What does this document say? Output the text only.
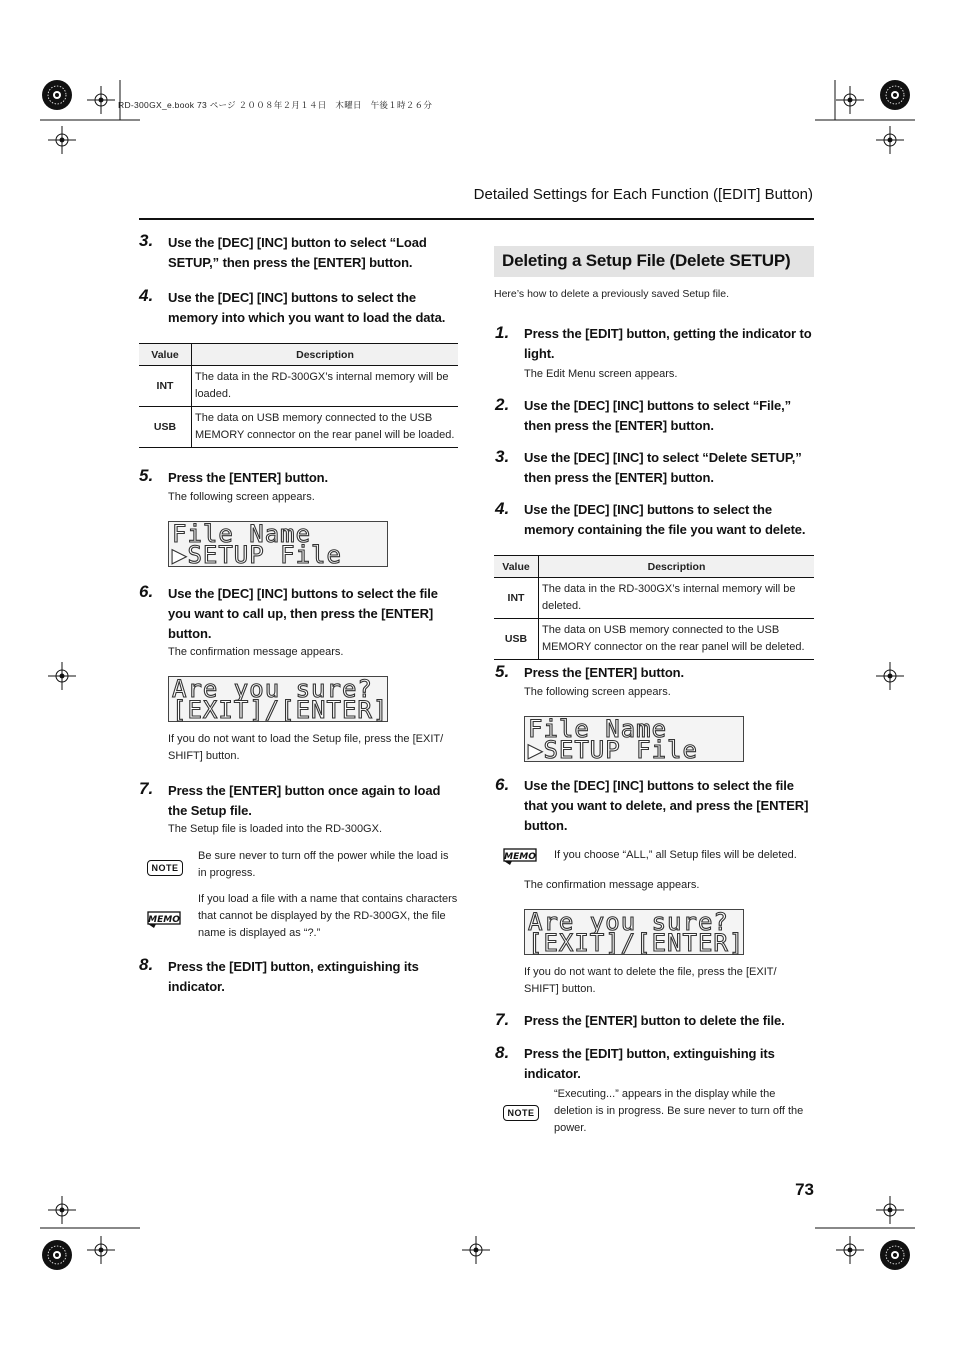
RD-300GX_e.book 73 ページ ２００８年２月１４日　木曜日　午後１時２６分
Detailed Settings for Each Function ([EDIT] Button)
3.	Use the [DEC] [INC] button to select “Load SETUP,” then press the [ENTER] button.
4.	Use the [DEC] [INC] buttons to select the memory into which you want to load the data.
Value	Description
INT	The data in the RD-300GX’s internal memory will be loaded.
USB	The data on USB memory connected to the USB MEMORY connector on the rear panel will be loaded.
5.	Press the [ENTER] button.
The following screen appears.
File Name
▶SETUP File
6.	Use the [DEC] [INC] buttons to select the file you want to call up, then press the [ENTER] button.
The confirmation message appears.
Are you sure?
[EXIT]/[ENTER]
If you do not want to load the Setup file, press the [EXIT/ SHIFT] button.
7.	Press the [ENTER] button once again to load the Setup file.
The Setup file is loaded into the RD-300GX.
NOTE
Be sure never to turn off the power while the load is in progress.
MEMO
If you load a file with a name that contains characters that cannot be displayed by the RD-300GX, the file name is displayed as “?.”
8.	Press the [EDIT] button, extinguishing its indicator.
Deleting a Setup File (Delete SETUP)
Here’s how to delete a previously saved Setup file.
1.	Press the [EDIT] button, getting the indicator to light.
The Edit Menu screen appears.
2.	Use the [DEC] [INC] buttons to select “File,” then press the [ENTER] button.
3.	Use the [DEC] [INC] to select “Delete SETUP,” then press the [ENTER] button.
4.	Use the [DEC] [INC] buttons to select the memory containing the file you want to delete.
Value	Description
INT	The data in the RD-300GX’s internal memory will be deleted.
USB	The data on USB memory connected to the USB MEMORY connector on the rear panel will be deleted.
5.	Press the [ENTER] button.
The following screen appears.
File Name
▶SETUP File
6.	Use the [DEC] [INC] buttons to select the file that you want to delete, and press the [ENTER] button.
MEMO If you choose “ALL,” all Setup files will be deleted.
The confirmation message appears.
Are you sure?
[EXIT]/[ENTER]
If you do not want to delete the file, press the [EXIT/ SHIFT] button.
7.	Press the [ENTER] button to delete the file.
8.	Press the [EDIT] button, extinguishing its indicator.
NOTE
“Executing...” appears in the display while the deletion is in progress. Be sure never to turn off the power.
73
